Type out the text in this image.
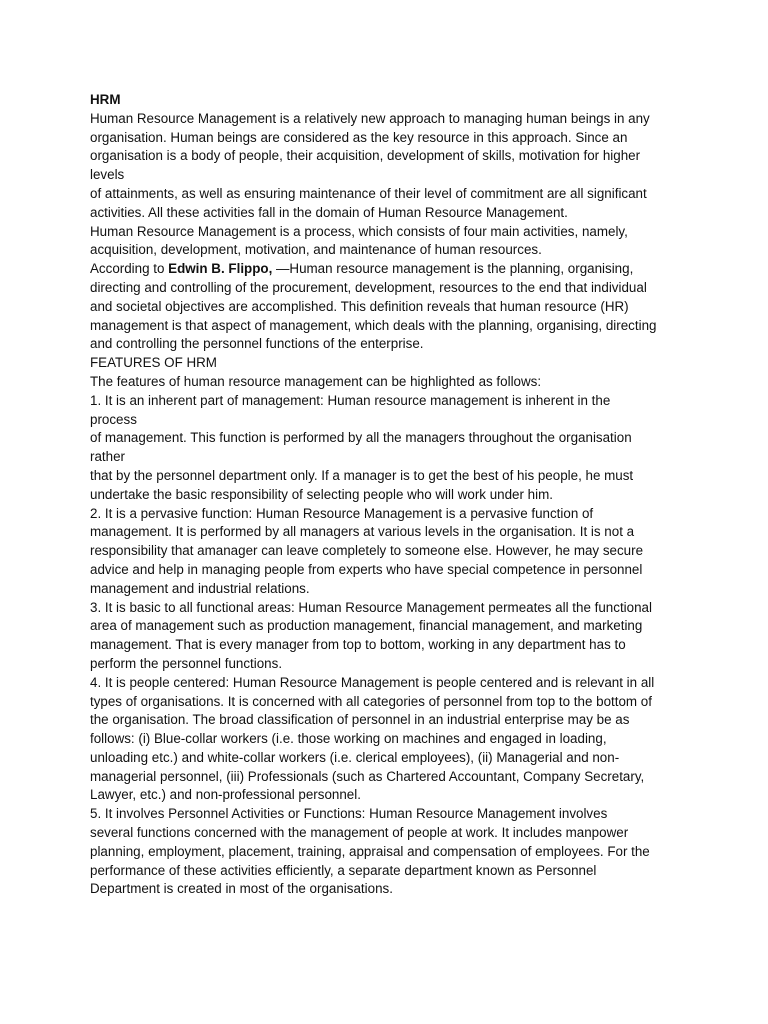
HRM
Human Resource Management is a relatively new approach to managing human beings in any
organisation. Human beings are considered as the key resource in this approach. Since an
organisation is a body of people, their acquisition, development of skills, motivation for higher
levels
of attainments, as well as ensuring maintenance of their level of commitment are all significant
activities. All these activities fall in the domain of Human Resource Management.
Human Resource Management is a process, which consists of four main activities, namely,
acquisition, development, motivation, and maintenance of human resources.
According to Edwin B. Flippo, —Human resource management is the planning, organising,
directing and controlling of the procurement, development, resources to the end that individual
and societal objectives are accomplished. This definition reveals that human resource (HR)
management is that aspect of management, which deals with the planning, organising, directing
and controlling the personnel functions of the enterprise.
FEATURES OF HRM
The features of human resource management can be highlighted as follows:
1. It is an inherent part of management: Human resource management is inherent in the
process
of management. This function is performed by all the managers throughout the organisation
rather
that by the personnel department only. If a manager is to get the best of his people, he must
undertake the basic responsibility of selecting people who will work under him.
2. It is a pervasive function: Human Resource Management is a pervasive function of
management. It is performed by all managers at various levels in the organisation. It is not a
responsibility that amanager can leave completely to someone else. However, he may secure
advice and help in managing people from experts who have special competence in personnel
management and industrial relations.
3. It is basic to all functional areas: Human Resource Management permeates all the functional
area of management such as production management, financial management, and marketing
management. That is every manager from top to bottom, working in any department has to
perform the personnel functions.
4. It is people centered: Human Resource Management is people centered and is relevant in all
types of organisations. It is concerned with all categories of personnel from top to the bottom of
the organisation. The broad classification of personnel in an industrial enterprise may be as
follows: (i) Blue-collar workers (i.e. those working on machines and engaged in loading,
unloading etc.) and white-collar workers (i.e. clerical employees), (ii) Managerial and non-
managerial personnel, (iii) Professionals (such as Chartered Accountant, Company Secretary,
Lawyer, etc.) and non-professional personnel.
5. It involves Personnel Activities or Functions: Human Resource Management involves
several functions concerned with the management of people at work. It includes manpower
planning, employment, placement, training, appraisal and compensation of employees. For the
performance of these activities efficiently, a separate department known as Personnel
Department is created in most of the organisations.
